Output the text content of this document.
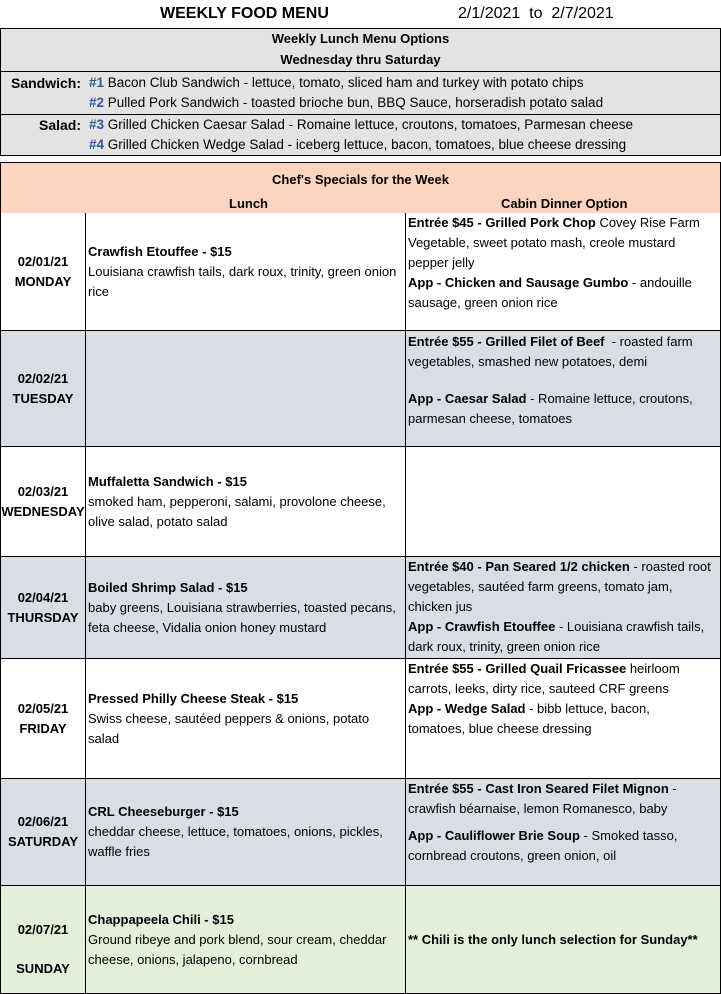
WEEKLY FOOD MENU	2/1/2021  to  2/7/2021
Weekly Lunch Menu Options
Wednesday thru Saturday
Sandwich: #1 Bacon Club Sandwich - lettuce, tomato, sliced ham and turkey with potato chips
#2 Pulled Pork Sandwich - toasted brioche bun, BBQ Sauce, horseradish potato salad
Salad: #3 Grilled Chicken Caesar Salad - Romaine lettuce, croutons, tomatoes, Parmesan cheese
#4 Grilled Chicken Wedge Salad - iceberg lettuce, bacon, tomatoes, blue cheese dressing
Chef's Specials for the Week
Lunch	Cabin Dinner Option
02/01/21
MONDAY
Crawfish Etouffee - $15
Louisiana crawfish tails, dark roux, trinity, green onion rice
Entrée $45 - Grilled Pork Chop Covey Rise Farm
Vegetable, sweet potato mash, creole mustard
pepper jelly
App - Chicken and Sausage Gumbo - andouille
sausage, green onion rice
02/02/21
TUESDAY
Entrée $55 - Grilled Filet of Beef  - roasted farm
vegetables, smashed new potatoes, demi
App - Caesar Salad - Romaine lettuce, croutons,
parmesan cheese, tomatoes
02/03/21
WEDNESDAY
Muffaletta Sandwich - $15
smoked ham, pepperoni, salami, provolone cheese, olive salad, potato salad
02/04/21
THURSDAY
Boiled Shrimp Salad - $15
baby greens, Louisiana strawberries, toasted pecans, feta cheese, Vidalia onion honey mustard
Entrée $40 - Pan Seared 1/2 chicken - roasted root
vegetables, sautéed farm greens, tomato jam,
chicken jus
App - Crawfish Etouffee - Louisiana crawfish tails,
dark roux, trinity, green onion rice
02/05/21
FRIDAY
Pressed Philly Cheese Steak - $15
Swiss cheese, sautéed peppers & onions, potato salad
Entrée $55 - Grilled Quail Fricassee heirloom
carrots, leeks, dirty rice, sauteed CRF greens
App - Wedge Salad - bibb lettuce, bacon,
tomatoes, blue cheese dressing
02/06/21
SATURDAY
CRL Cheeseburger - $15
cheddar cheese, lettuce, tomatoes, onions, pickles, waffle fries
Entrée $55 - Cast Iron Seared Filet Mignon -
crawfish béarnaise, lemon Romanesco, baby
App - Cauliflower Brie Soup - Smoked tasso,
cornbread croutons, green onion, oil
02/07/21
SUNDAY
Chappapeela Chili - $15
Ground ribeye and pork blend, sour cream, cheddar cheese, onions, jalapeno, cornbread
** Chili is the only lunch selection for Sunday**
